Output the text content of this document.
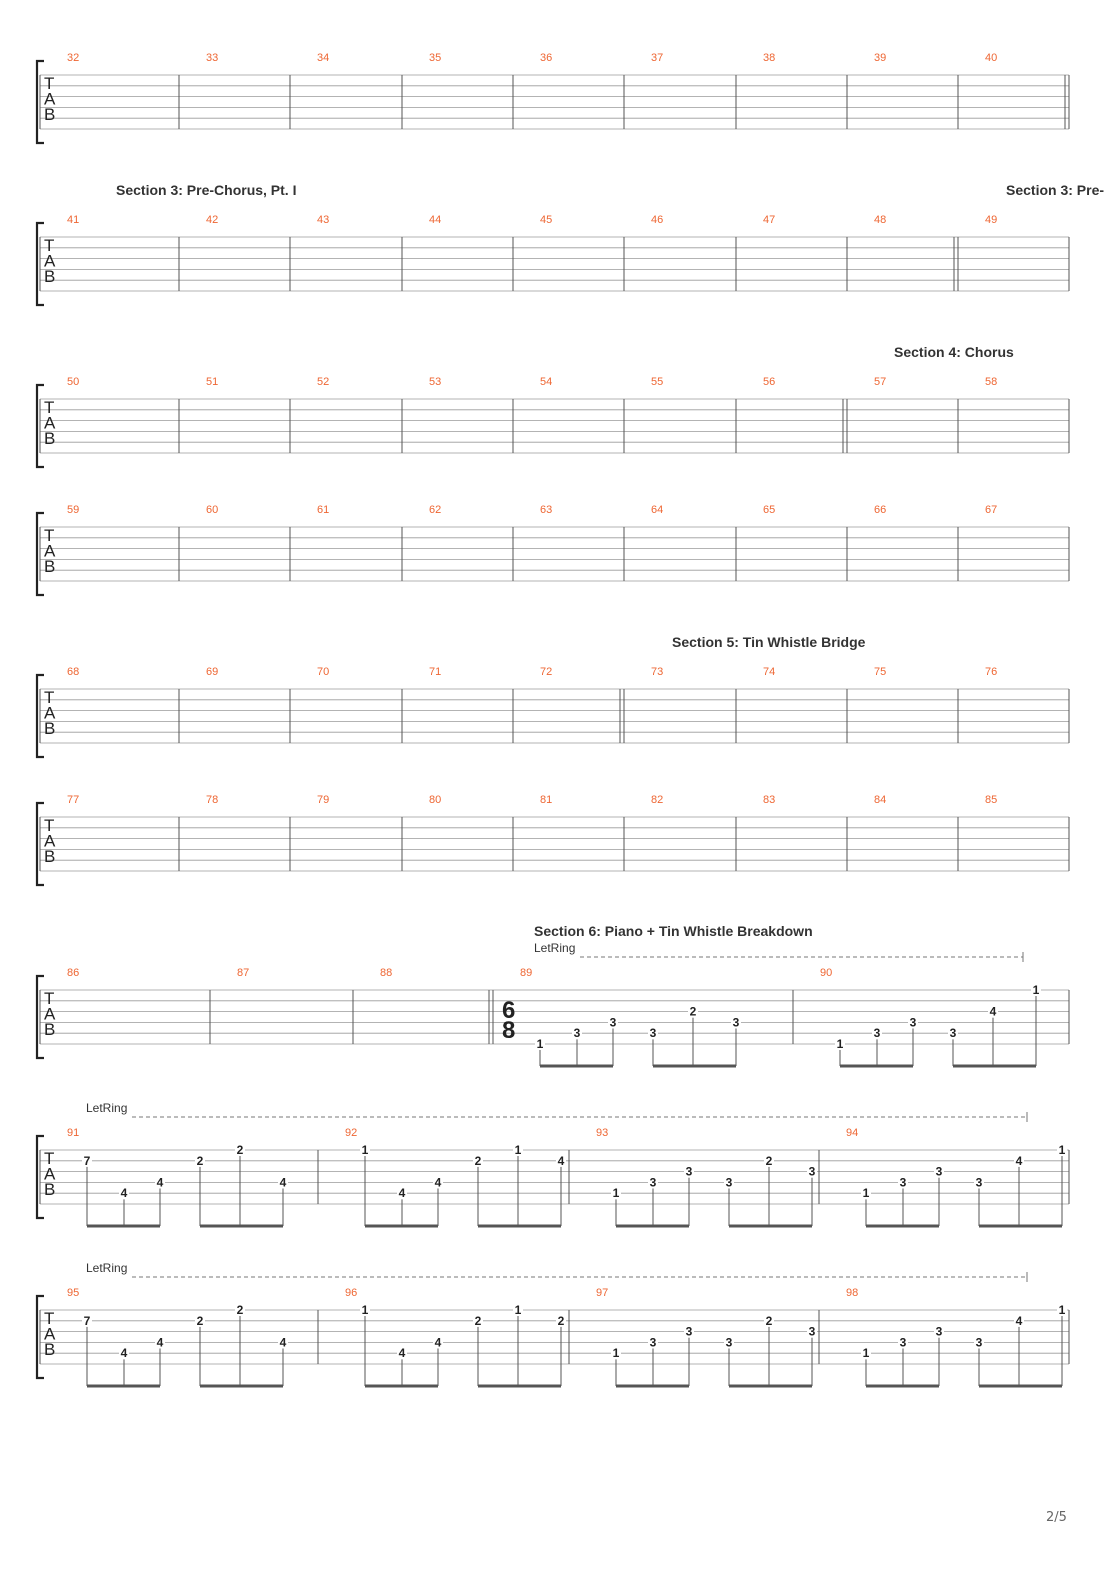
T
A
B
32	33	34	35	36	37	38	39	40
T
A
B
41	42	43	44	45	46	47	48	49
Section 3: Pre-Chorus, Pt. I	Section 3: Pre-
T
A
B
50	51	52	53	54	55	56	57	58
Section 4: Chorus
T
A
B
59	60	61	62	63	64	65	66	67
T
A
B
68	69	70	71	72	73	74	75	76
Section 5: Tin Whistle Bridge
T
A
B
77	78	79	80	81	82	83	84	85
T
A
B
86	87	88	89	90
Section 6: Piano + Tin Whistle Breakdown
LetRing
6
8 1
3
3
3
2
3
1
3
3
3
4
1
T
A
B
91	92	93	94
LetRing
7
4
4
2
2
4
1
4
4
2
1
4
1
3
3
3
2
3
1
3
3
3
4
1
T
A
B
95	96	97	98
LetRing
7
4
4
2
2
4
1
4
4
2
1
2
1
3
3
3
2
3
1
3
3
3
4
1
2/5
